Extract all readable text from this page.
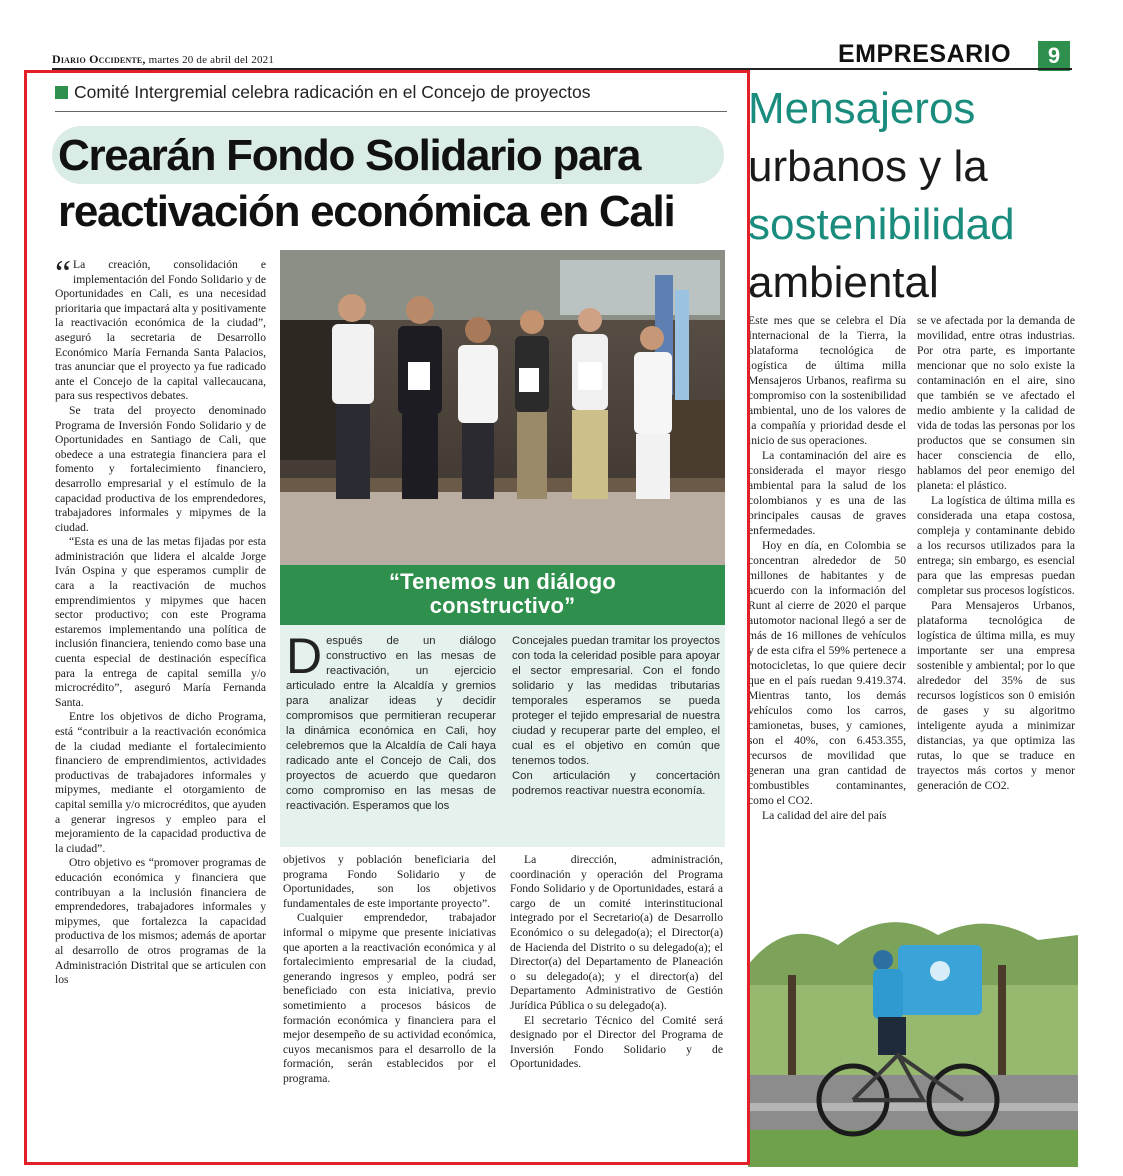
Diario Occidente, martes 20 de abril del 2021	EMPRESARIO	9
Comité Intergremial celebra radicación en el Concejo de proyectos
Crearán Fondo Solidario para
reactivación económica en Cali
“Tenemos un diálogo
constructivo”

“ La creación, consolidación e implementación del Fondo Solidario y de Oportunidades en Cali, es una necesidad prioritaria que impactará alta y positivamente la reactivación económica de la ciudad”, aseguró la secretaria de Desarrollo Económico María Fernanda Santa Palacios, tras anunciar que el proyecto ya fue radicado ante el Concejo de la capital vallecaucana, para sus respectivos debates.

Se trata del proyecto denominado Programa de Inversión Fondo Solidario y de Oportunidades en Santiago de Cali, que obedece a una estrategia financiera para el fomento y fortalecimiento financiero, desarrollo empresarial y el estímulo de la capacidad productiva de los emprendedores, trabajadores informales y mipymes de la ciudad.

“Esta es una de las metas fijadas por esta administración que lidera el alcalde Jorge Iván Ospina y que esperamos cumplir de cara a la reactivación de muchos emprendimientos y mipymes que hacen sector productivo; con este Programa estaremos implementando una política de inclusión financiera, teniendo como base una cuenta especial de destinación específica para la entrega de capital semilla y/o microcrédito”, aseguró María Fernanda Santa.

Entre los objetivos de dicho Programa, está “contribuir a la reactivación económica de la ciudad mediante el fortalecimiento financiero de emprendimientos, actividades productivas de trabajadores informales y mipymes, mediante el otorgamiento de capital semilla y/o microcréditos, que ayuden a generar ingresos y empleo para el mejoramiento de la capacidad productiva de la ciudad”.

Otro objetivo es “promover programas de educación económica y financiera que contribuyan a la inclusión financiera de emprendedores, trabajadores informales y mipymes, que fortalezca la capacidad productiva de los mismos; además de aportar al desarrollo de otros programas de la Administración Distrital que se articulen con los

Después de un diálogo constructivo en las mesas de reactivación, un ejercicio articulado entre la Alcaldía y gremios para analizar ideas y decidir compromisos que permitieran recuperar la dinámica económica en Cali, hoy celebremos que la Alcaldía de Cali haya radicado ante el Concejo de Cali, dos proyectos de acuerdo que quedaron como compromiso en las mesas de reactivación. Esperamos que los
Concejales puedan tramitar los proyectos con toda la celeridad posible para apoyar el sector empresarial. Con el fondo solidario y las medidas tributarias temporales esperamos se pueda proteger el tejido empresarial de nuestra ciudad y recuperar parte del empleo, el cual es el objetivo en común que tenemos todos.
Con articulación y concertación podremos reactivar nuestra economía.

objetivos y población beneficiaria del programa Fondo Solidario y de Oportunidades, son los objetivos fundamentales de este importante proyecto”.

Cualquier emprendedor, trabajador informal o mipyme que presente iniciativas que aporten a la reactivación económica y al fortalecimiento empresarial de la ciudad, generando ingresos y empleo, podrá ser beneficiado con esta iniciativa, previo sometimiento a procesos básicos de formación económica y financiera para el mejor desempeño de su actividad económica, cuyos mecanismos para el desarrollo de la formación, serán establecidos por el programa.

La dirección, administración, coordinación y operación del Programa Fondo Solidario y de Oportunidades, estará a cargo de un comité interinstitucional integrado por el Secretario(a) de Desarrollo Económico o su delegado(a); el Director(a) de Hacienda del Distrito o su delegado(a); el Director(a) del Departamento de Planeación o su delegado(a); y el director(a) del Departamento Administrativo de Gestión Jurídica Pública o su delegado(a).

El secretario Técnico del Comité será designado por el Director del Programa de Inversión Fondo Solidario y de Oportunidades.

Mensajeros
urbanos y la
sostenibilidad
ambiental

Este mes que se celebra el Día Internacional de la Tierra, la plataforma tecnológica de logística de última milla Mensajeros Urbanos, reafirma su compromiso con la sostenibilidad ambiental, uno de los valores de la compañía y prioridad desde el inicio de sus operaciones.

La contaminación del aire es considerada el mayor riesgo ambiental para la salud de los colombianos y es una de las principales causas de graves enfermedades.

Hoy en día, en Colombia se concentran alrededor de 50 millones de habitantes y de acuerdo con la información del Runt al cierre de 2020 el parque automotor nacional llegó a ser de más de 16 millones de vehículos y de esta cifra el 59% pertenece a motocicletas, lo que quiere decir que en el país ruedan 9.419.374. Mientras tanto, los demás vehículos como los carros, camionetas, buses, y camiones, son el 40%, con 6.453.355, recursos de movilidad que generan una gran cantidad de combustibles contaminantes, como el CO2.

La calidad del aire del país

se ve afectada por la demanda de movilidad, entre otras industrias. Por otra parte, es importante mencionar que no solo existe la contaminación en el aire, sino que también se ve afectado el medio ambiente y la calidad de vida de todas las personas por los productos que se consumen sin hacer consciencia de ello, hablamos del peor enemigo del planeta: el plástico.

La logística de última milla es considerada una etapa costosa, compleja y contaminante debido a los recursos utilizados para la entrega; sin embargo, es esencial para que las empresas puedan completar sus procesos logísticos.

Para Mensajeros Urbanos, plataforma tecnológica de logística de última milla, es muy importante ser una empresa sostenible y ambiental; por lo que alrededor del 35% de sus recursos logísticos son 0 emisión de gases y su algoritmo inteligente ayuda a minimizar distancias, ya que optimiza las rutas, lo que se traduce en trayectos más cortos y menor generación de CO2.
